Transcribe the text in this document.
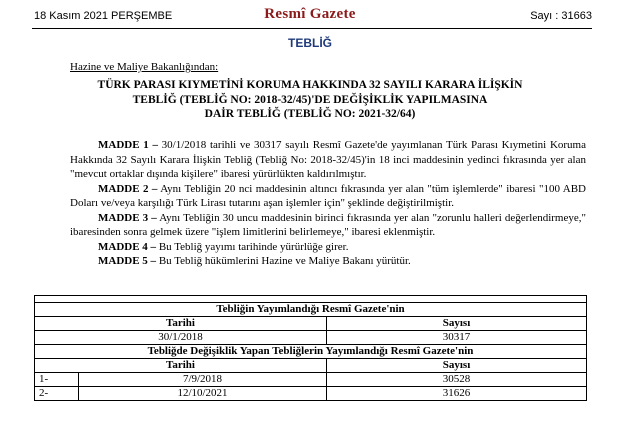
18 Kasım 2021 PERŞEMBE	Resmî Gazete	Sayı : 31663
TEBLİĞ
Hazine ve Maliye Bakanlığından:
TÜRK PARASI KIYMETİNİ KORUMA HAKKINDA 32 SAYILI KARARA İLİŞKİN
TEBLİĞ (TEBLİĞ NO: 2018-32/45)'DE DEĞİŞİKLİK YAPILMASINA
DAİR TEBLİĞ (TEBLİĞ NO: 2021-32/64)

MADDE 1 – 30/1/2018 tarihli ve 30317 sayılı Resmî Gazete'de yayımlanan Türk Parası Kıymetini Koruma Hakkında 32 Sayılı Karara İlişkin Tebliğ (Tebliğ No: 2018-32/45)'in 18 inci maddesinin yedinci fıkrasında yer alan "mevcut ortaklar dışında kişilere" ibaresi yürürlükten kaldırılmıştır.

MADDE 2 – Aynı Tebliğin 20 nci maddesinin altıncı fıkrasında yer alan "tüm işlemlerde" ibaresi "100 ABD Doları ve/veya karşılığı Türk Lirası tutarını aşan işlemler için" şeklinde değiştirilmiştir.

MADDE 3 – Aynı Tebliğin 30 uncu maddesinin birinci fıkrasında yer alan "zorunlu halleri değerlendirmeye," ibaresinden sonra gelmek üzere "işlem limitlerini belirlemeye," ibaresi eklenmiştir.

MADDE 4 – Bu Tebliğ yayımı tarihinde yürürlüğe girer.

MADDE 5 – Bu Tebliğ hükümlerini Hazine ve Maliye Bakanı yürütür.

Tebliğin Yayımlandığı Resmî Gazete'nin		
Tarihi		Sayısı
30/1/2018		30317
Tebliğde Değişiklik Yapan Tebliğlerin Yayımlandığı Resmî Gazete'nin		
Tarihi		Sayısı
1-	7/9/2018	30528
2-	12/10/2021	31626
